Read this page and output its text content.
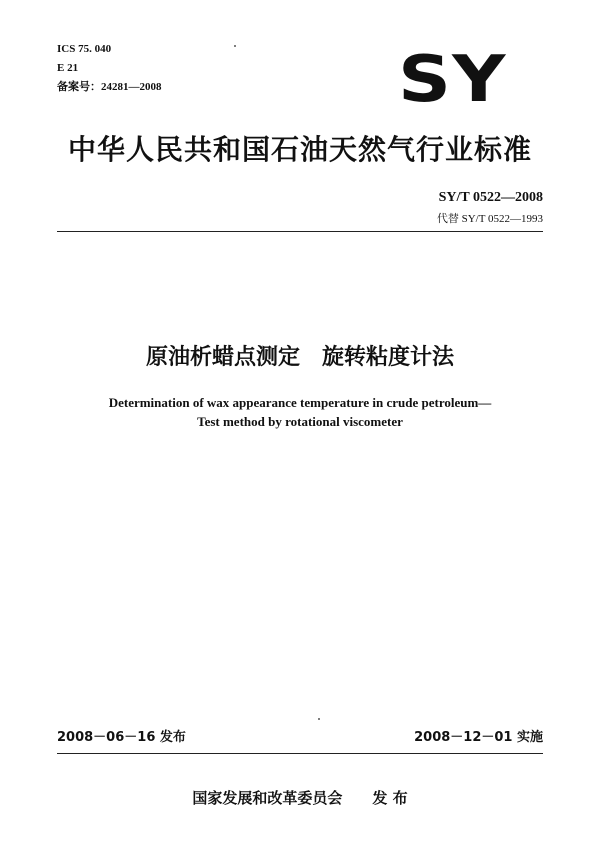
ICS 75. 040
E 21
备案号：24281—2008	SY
中华人民共和国石油天然气行业标准
SY/T 0522—2008
代替 SY/T 0522—1993
原油析蜡点测定　旋转粘度计法
Determination of wax appearance temperature in crude petroleum—
Test method by rotational viscometer
2008－06－16 发布	2008－12－01 实施
国家发展和改革委员会　　发 布
